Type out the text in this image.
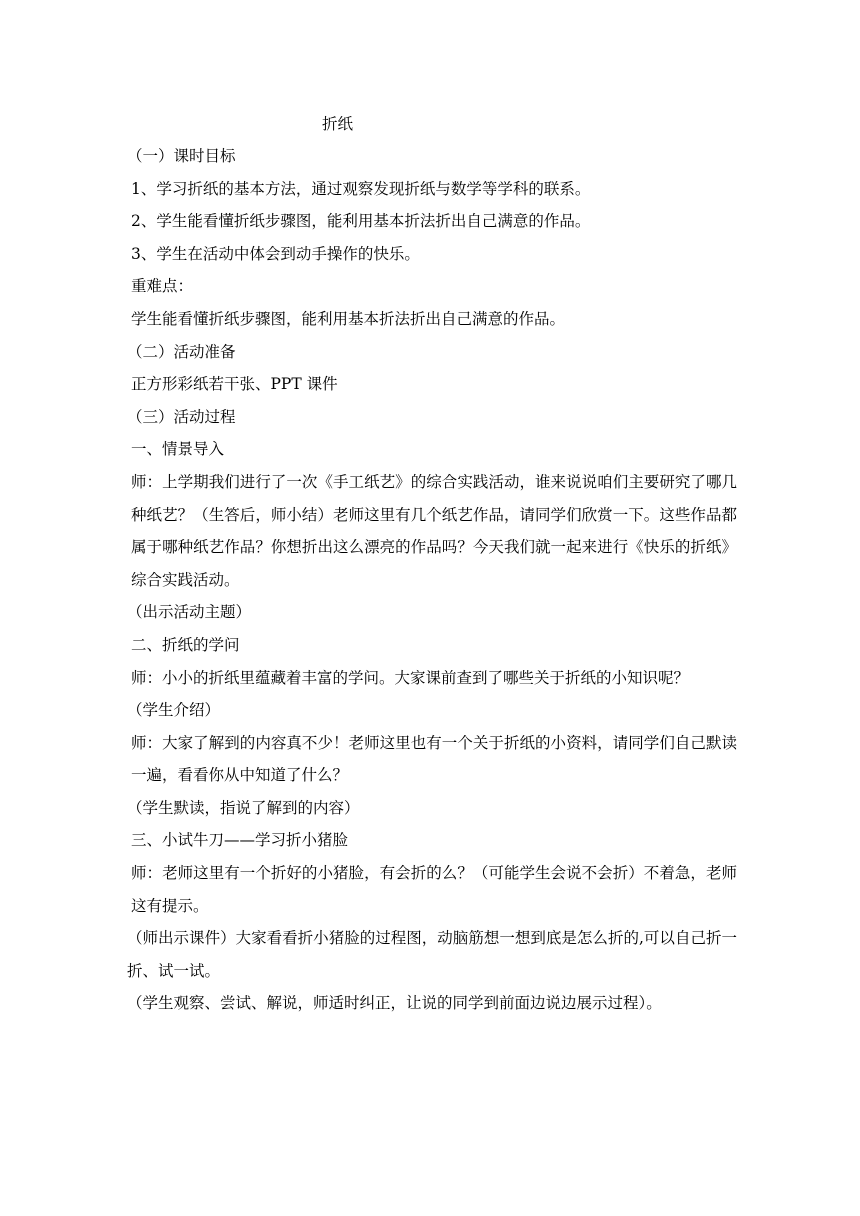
折纸

（一）课时目标

1、学习折纸的基本方法，通过观察发现折纸与数学等学科的联系。

2、学生能看懂折纸步骤图，能利用基本折法折出自己满意的作品。

3、学生在活动中体会到动手操作的快乐。

重难点：

学生能看懂折纸步骤图，能利用基本折法折出自己满意的作品。

（二）活动准备

正方形彩纸若干张、PPT 课件

（三）活动过程

一、情景导入

师：上学期我们进行了一次《手工纸艺》的综合实践活动，谁来说说咱们主要研究了哪几种纸艺？（生答后，师小结）老师这里有几个纸艺作品，请同学们欣赏一下。这些作品都属于哪种纸艺作品？你想折出这么漂亮的作品吗？今天我们就一起来进行《快乐的折纸》综合实践活动。

（出示活动主题）

二、折纸的学问

师：小小的折纸里蕴藏着丰富的学问。大家课前查到了哪些关于折纸的小知识呢？

（学生介绍）

师：大家了解到的内容真不少！老师这里也有一个关于折纸的小资料，请同学们自己默读一遍，看看你从中知道了什么？

（学生默读，指说了解到的内容）

三、小试牛刀——学习折小猪脸

师：老师这里有一个折好的小猪脸，有会折的么？（可能学生会说不会折）不着急，老师这有提示。

（师出示课件）大家看看折小猪脸的过程图，动脑筋想一想到底是怎么折的,可以自己折一折、试一试。

（学生观察、尝试、解说，师适时纠正，让说的同学到前面边说边展示过程）。
